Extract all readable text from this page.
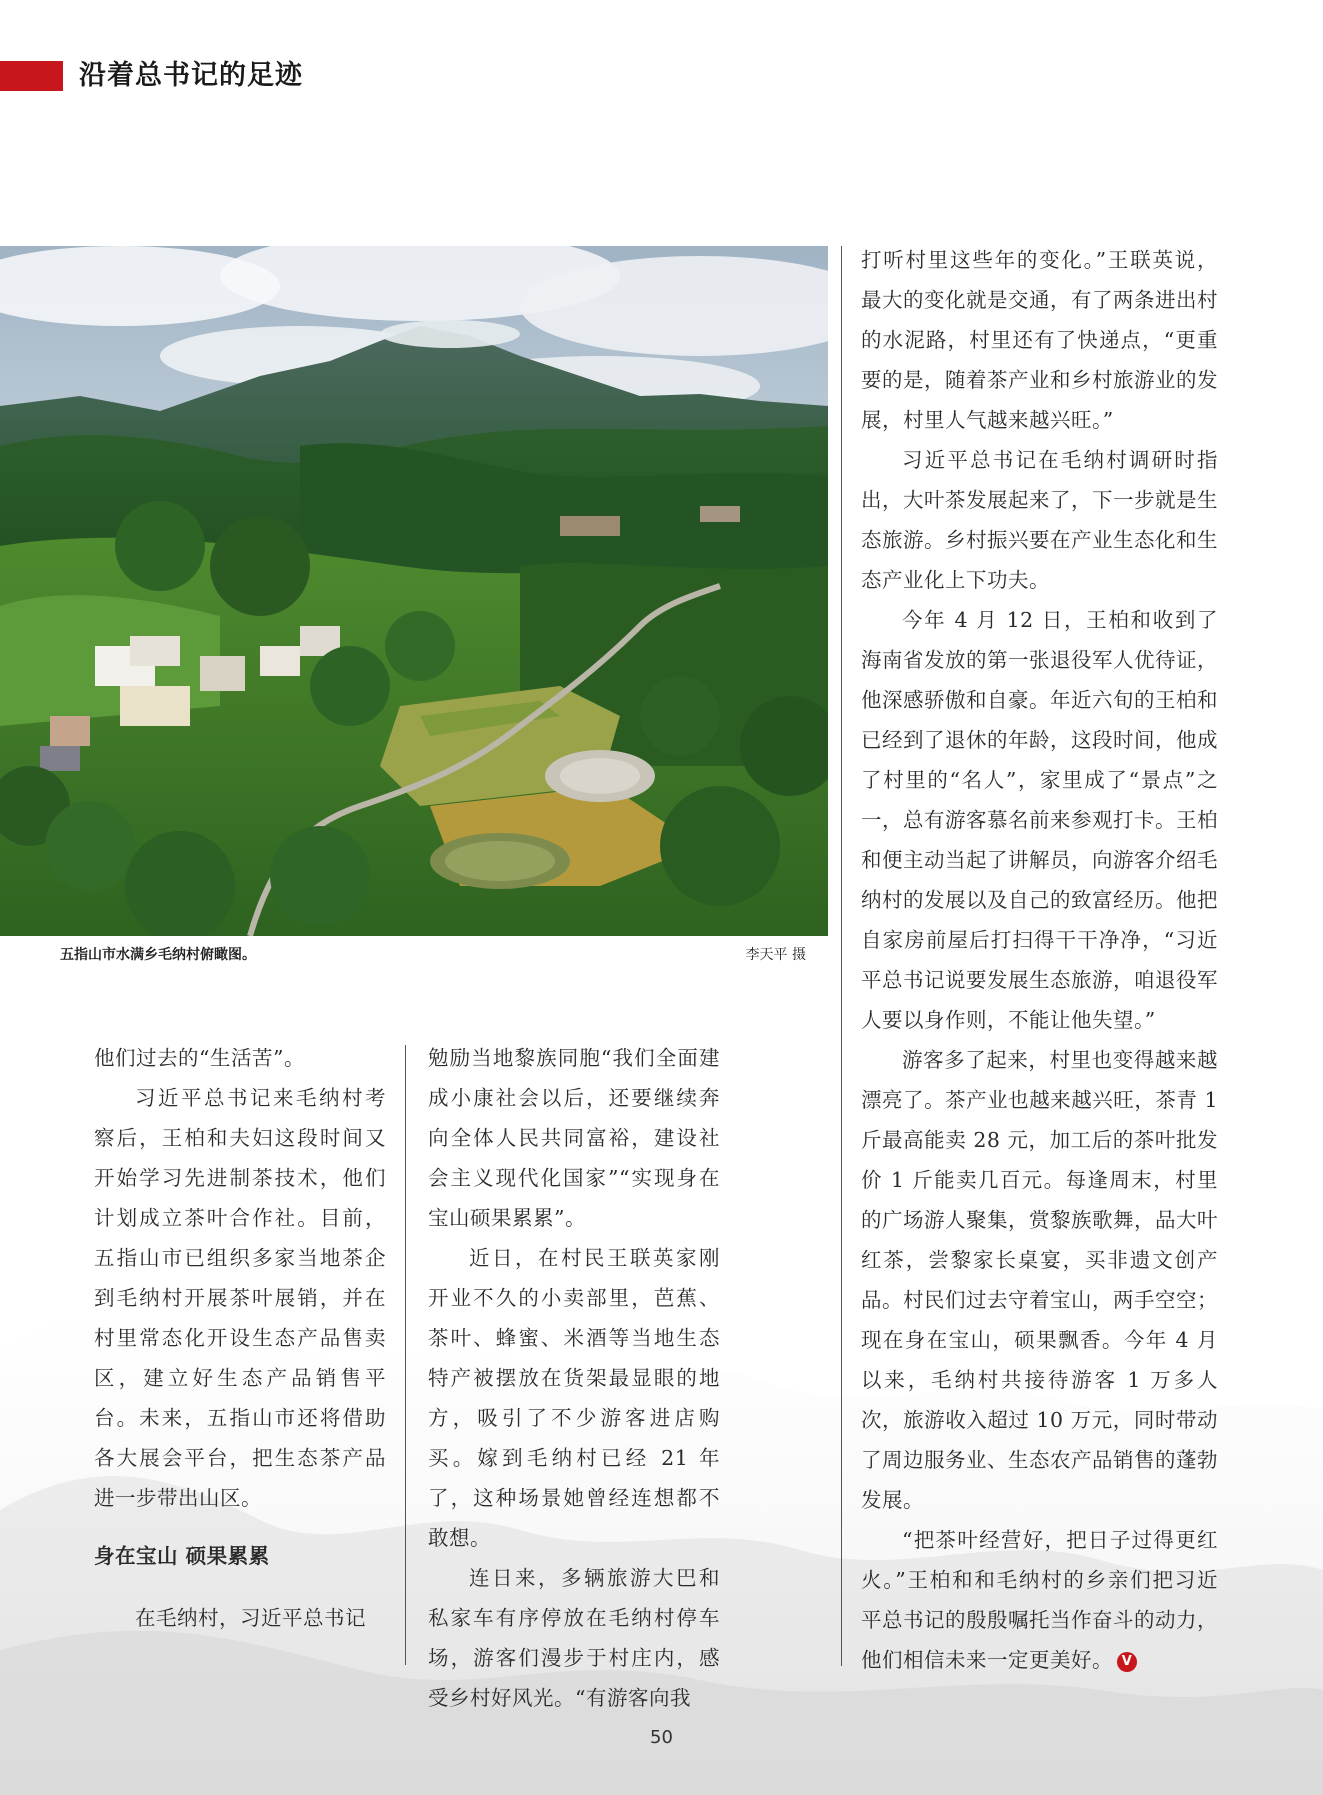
沿着总书记的足迹
五指山市水满乡毛纳村俯瞰图。	李天平 摄

他们过去的“生活苦”。

习近平总书记来毛纳村考察后，王柏和夫妇这段时间又开始学习先进制茶技术，他们计划成立茶叶合作社。目前，五指山市已组织多家当地茶企到毛纳村开展茶叶展销，并在村里常态化开设生态产品售卖区，建立好生态产品销售平台。未来，五指山市还将借助各大展会平台，把生态茶产品进一步带出山区。

身在宝山 硕果累累

在毛纳村，习近平总书记

勉励当地黎族同胞“我们全面建成小康社会以后，还要继续奔向全体人民共同富裕，建设社会主义现代化国家”“实现身在宝山硕果累累”。

近日，在村民王联英家刚开业不久的小卖部里，芭蕉、茶叶、蜂蜜、米酒等当地生态特产被摆放在货架最显眼的地方，吸引了不少游客进店购买。嫁到毛纳村已经 21 年了，这种场景她曾经连想都不敢想。

连日来，多辆旅游大巴和私家车有序停放在毛纳村停车场，游客们漫步于村庄内，感受乡村好风光。“有游客向我

打听村里这些年的变化。”王联英说，最大的变化就是交通，有了两条进出村的水泥路，村里还有了快递点，“更重要的是，随着茶产业和乡村旅游业的发展，村里人气越来越兴旺。”

习近平总书记在毛纳村调研时指出，大叶茶发展起来了，下一步就是生态旅游。乡村振兴要在产业生态化和生态产业化上下功夫。

今年 4 月 12 日，王柏和收到了海南省发放的第一张退役军人优待证，他深感骄傲和自豪。年近六旬的王柏和已经到了退休的年龄，这段时间，他成了村里的“名人”，家里成了“景点”之一，总有游客慕名前来参观打卡。王柏和便主动当起了讲解员，向游客介绍毛纳村的发展以及自己的致富经历。他把自家房前屋后打扫得干干净净，“习近平总书记说要发展生态旅游，咱退役军人要以身作则，不能让他失望。”

游客多了起来，村里也变得越来越漂亮了。茶产业也越来越兴旺，茶青 1 斤最高能卖 28 元，加工后的茶叶批发价 1 斤能卖几百元。每逢周末，村里的广场游人聚集，赏黎族歌舞，品大叶红茶，尝黎家长桌宴，买非遗文创产品。村民们过去守着宝山，两手空空；现在身在宝山，硕果飘香。今年 4 月以来，毛纳村共接待游客 1 万多人次，旅游收入超过 10 万元，同时带动了周边服务业、生态农产品销售的蓬勃发展。

“把茶叶经营好，把日子过得更红火。”王柏和和毛纳村的乡亲们把习近平总书记的殷殷嘱托当作奋斗的动力，他们相信未来一定更美好。 V

50
